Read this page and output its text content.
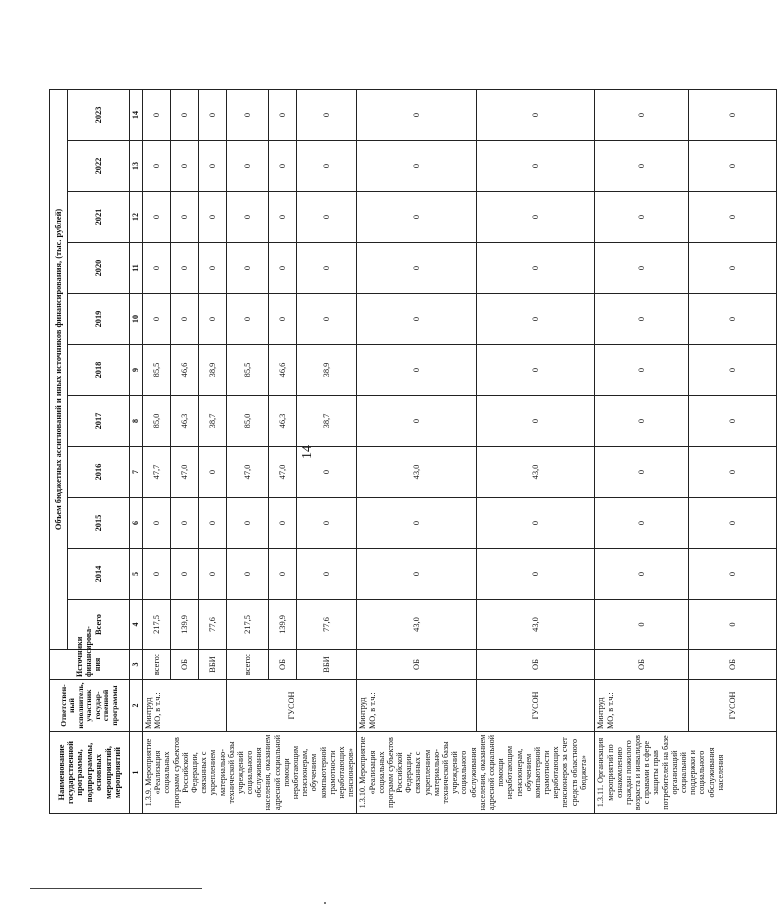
14
Наименование государственной программы, подпрограммы, основных мероприятий, мероприятий	Ответствен-ный исполнитель, участник государ-ственной программы	Источники финансирова-ния	Объем бюджетных ассигнований и иных источников финансирования, (тыс. рублей)										
			Всего	2014	2015	2016	2017	2018	2019	2020	2021	2022	2023
1	2	3	4	5	6	7	8	9	10	11	12	13	14
1.3.9. Мероприятие «Реализация социальных программ субъектов Российской Федерации, связанных с укреплением материально-технической базы учреждений социального обслуживания населения, оказанием адресной социальной помощи неработающим пенсионерам, обучением компьютерной грамотности неработающих пенсионеров»	Минтруд МО, в т.ч.:	всего:	217,5	0	0	47,7	85,0	85,5	0	0	0	0	0
		ОБ	139,9	0	0	47,0	46,3	46,6	0	0	0	0	0
		ВБИ	77,6	0	0	0	38,7	38,9	0	0	0	0	0
	ГУСОН	всего:	217,5	0	0	47,0	85,0	85,5	0	0	0	0	0
		ОБ	139,9	0	0	47,0	46,3	46,6	0	0	0	0	0
		ВБИ	77,6	0	0	0	38,7	38,9	0	0	0	0	0
1.3.10. Мероприятие «Реализация социальных программ субъектов Российской Федерации, связанных с укреплением материально-технической базы учреждений социального обслуживания населения, оказанием адресной социальной помощи неработающим пенсионерам, обучением компьютерной грамотности неработающих пенсионеров за счет средств областного бюджета»	Минтруд МО, в т.ч.:	ОБ	43,0	0	0	43,0	0	0	0	0	0	0	0
	ГУСОН	ОБ	43,0	0	0	43,0	0	0	0	0	0	0	0
1.3.11. Организация мероприятий по ознакомлению граждан пожилого возраста и инвалидов с правами в сфере защиты прав потребителей на базе организаций социальной поддержки и социального обслуживания населения	Минтруд МО, в т.ч.:	ОБ	0	0	0	0	0	0	0	0	0	0	0
	ГУСОН	ОБ	0	0	0	0	0	0	0	0	0	0	0
